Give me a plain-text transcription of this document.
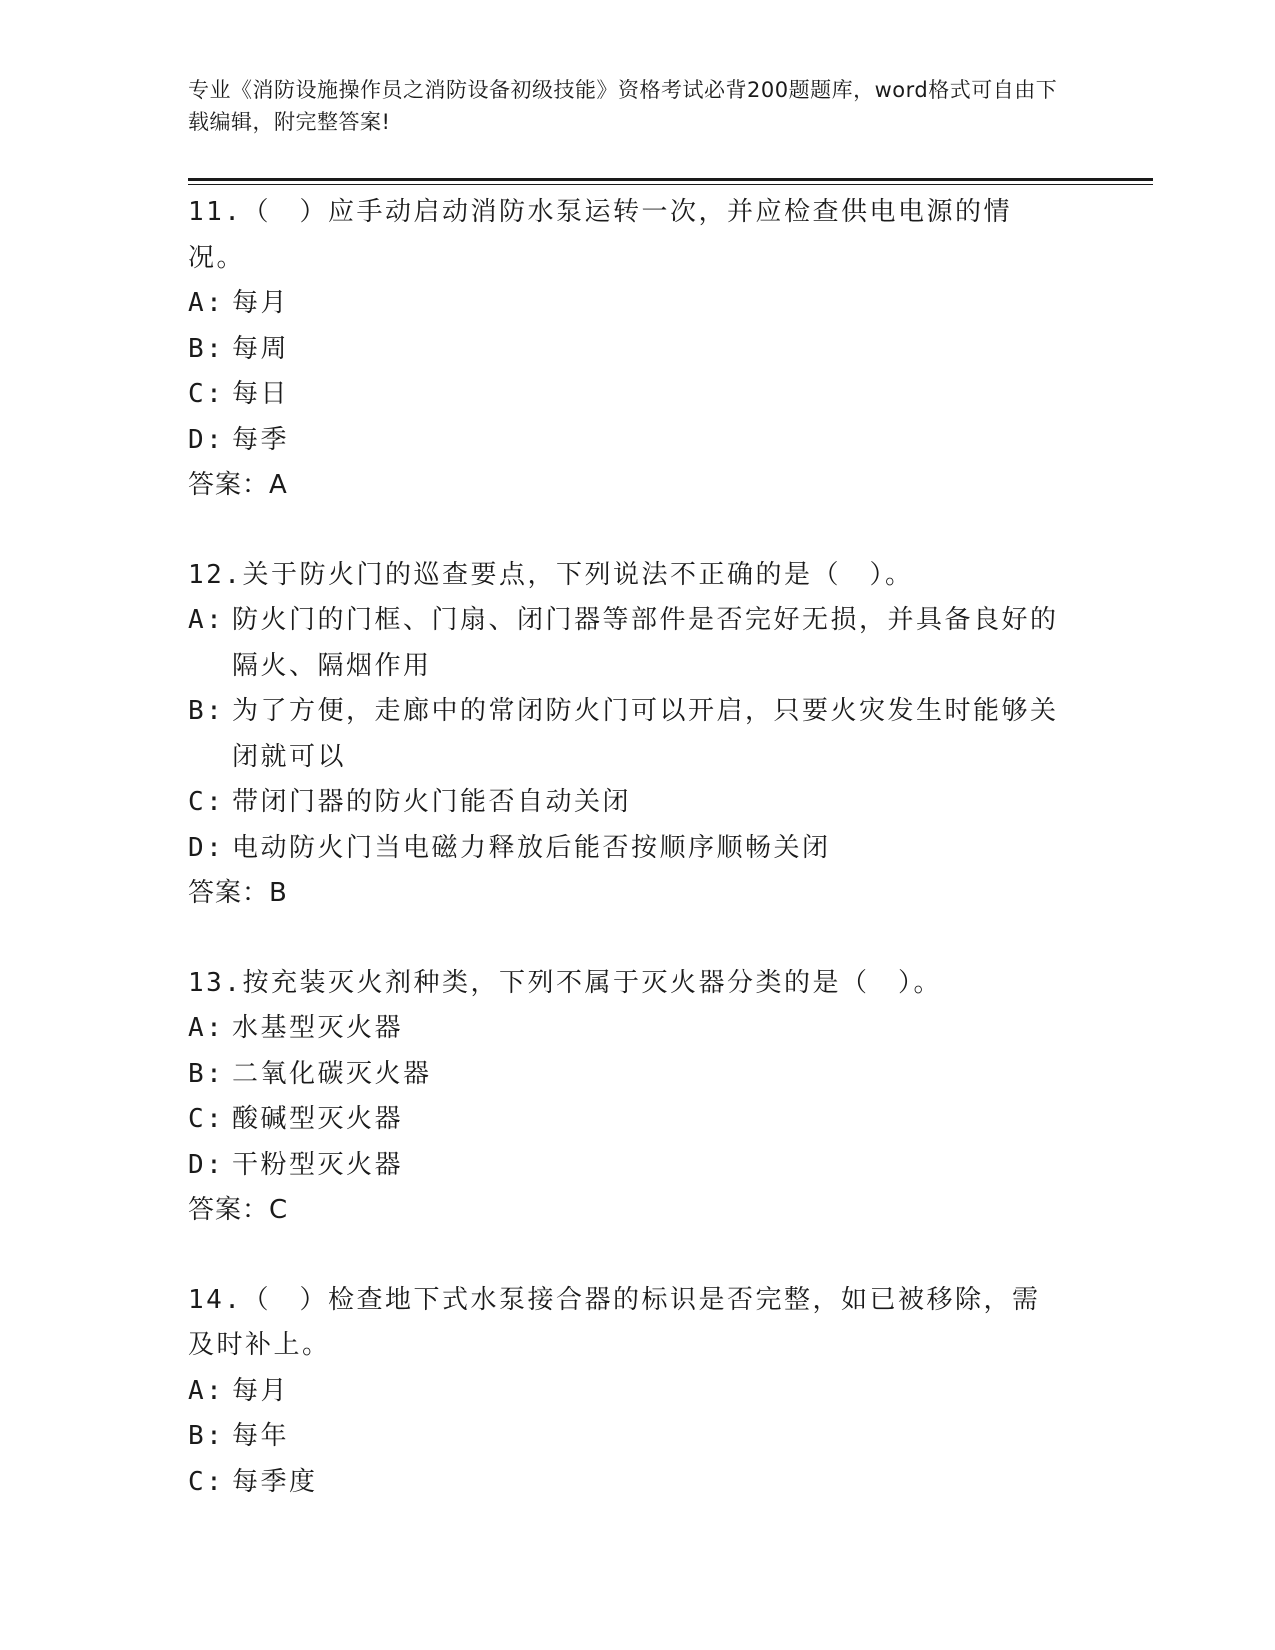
专业《消防设施操作员之消防设备初级技能》资格考试必背200题题库，word格式可自由下载编辑，附完整答案!
11.（　）应手动启动消防水泵运转一次，并应检查供电电源的情况。
A: 每月
B: 每周
C: 每日
D: 每季
答案：A
12.关于防火门的巡查要点，下列说法不正确的是（　）。
A: 防火门的门框、门扇、闭门器等部件是否完好无损，并具备良好的隔火、隔烟作用
B: 为了方便，走廊中的常闭防火门可以开启，只要火灾发生时能够关闭就可以
C: 带闭门器的防火门能否自动关闭
D: 电动防火门当电磁力释放后能否按顺序顺畅关闭
答案：B
13.按充装灭火剂种类，下列不属于灭火器分类的是（　）。
A: 水基型灭火器
B: 二氧化碳灭火器
C: 酸碱型灭火器
D: 干粉型灭火器
答案：C
14.（　）检查地下式水泵接合器的标识是否完整，如已被移除，需及时补上。
A: 每月
B: 每年
C: 每季度
